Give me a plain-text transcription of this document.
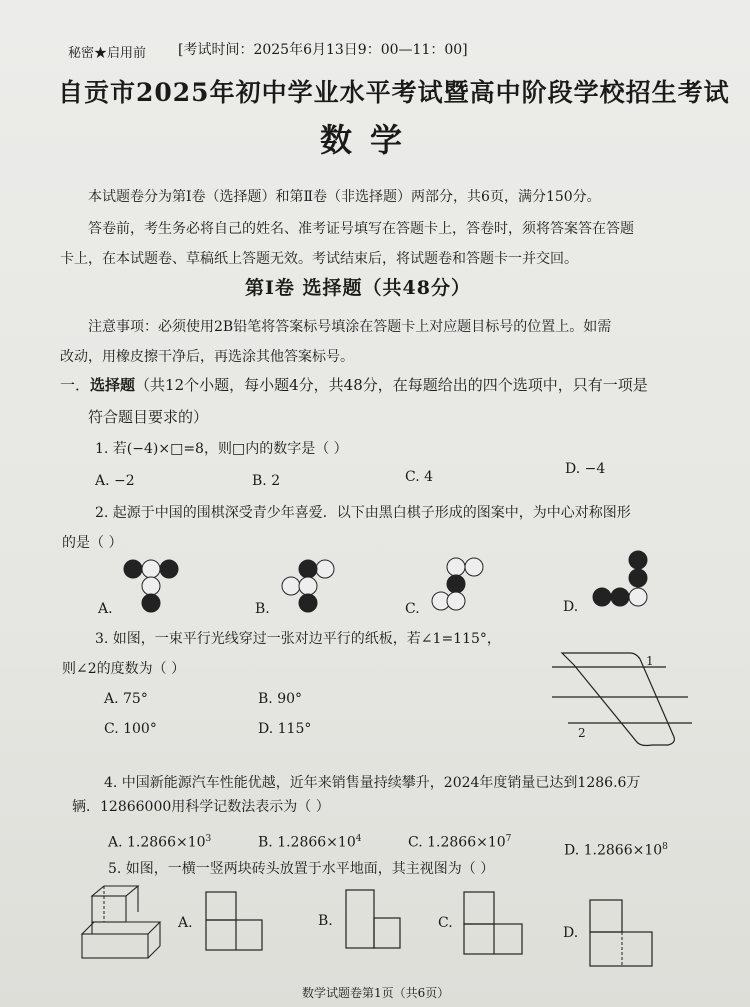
秘密★启用前 [考试时间：2025年6月13日9：00—11：00]
自贡市2025年初中学业水平考试暨高中阶段学校招生考试
数学
本试题卷分为第Ⅰ卷（选择题）和第Ⅱ卷（非选择题）两部分，共6页，满分150分。
答卷前，考生务必将自己的姓名、准考证号填写在答题卡上，答卷时，须将答案答在答题
卡上，在本试题卷、草稿纸上答题无效。考试结束后，将试题卷和答题卡一并交回。
第Ⅰ卷 选择题（共48分）
注意事项：必须使用2B铅笔将答案标号填涂在答题卡上对应题目标号的位置上。如需
改动，用橡皮擦干净后，再选涂其他答案标号。
一．选择题（共12个小题，每小题4分，共48分，在每题给出的四个选项中，只有一项是
符合题目要求的）
1. 若(−4)×□=8，则□内的数字是（ ）
A. −2	B. 2	C. 4	D. −4
2. 起源于中国的围棋深受青少年喜爱．以下由黑白棋子形成的图案中，为中心对称图形
的是（ ）
A.	B.	C.	D.
3. 如图，一束平行光线穿过一张对边平行的纸板，若∠1=115°，
则∠2的度数为（ ）
A. 75°	B. 90°
C. 100°	D. 115°
1
2
4. 中国新能源汽车性能优越，近年来销售量持续攀升，2024年度销量已达到1286.6万
辆．12866000用科学记数法表示为（ ）
A. $1.2866\times 10^3$	B. $1.2866\times 10^4$	C. $1.2866\times 10^7$
D. $1.2866\times 10^8$
5. 如图，一横一竖两块砖头放置于水平地面，其主视图为（ ）
A.	B.	C.
D.
数学试题卷第1页（共6页）
